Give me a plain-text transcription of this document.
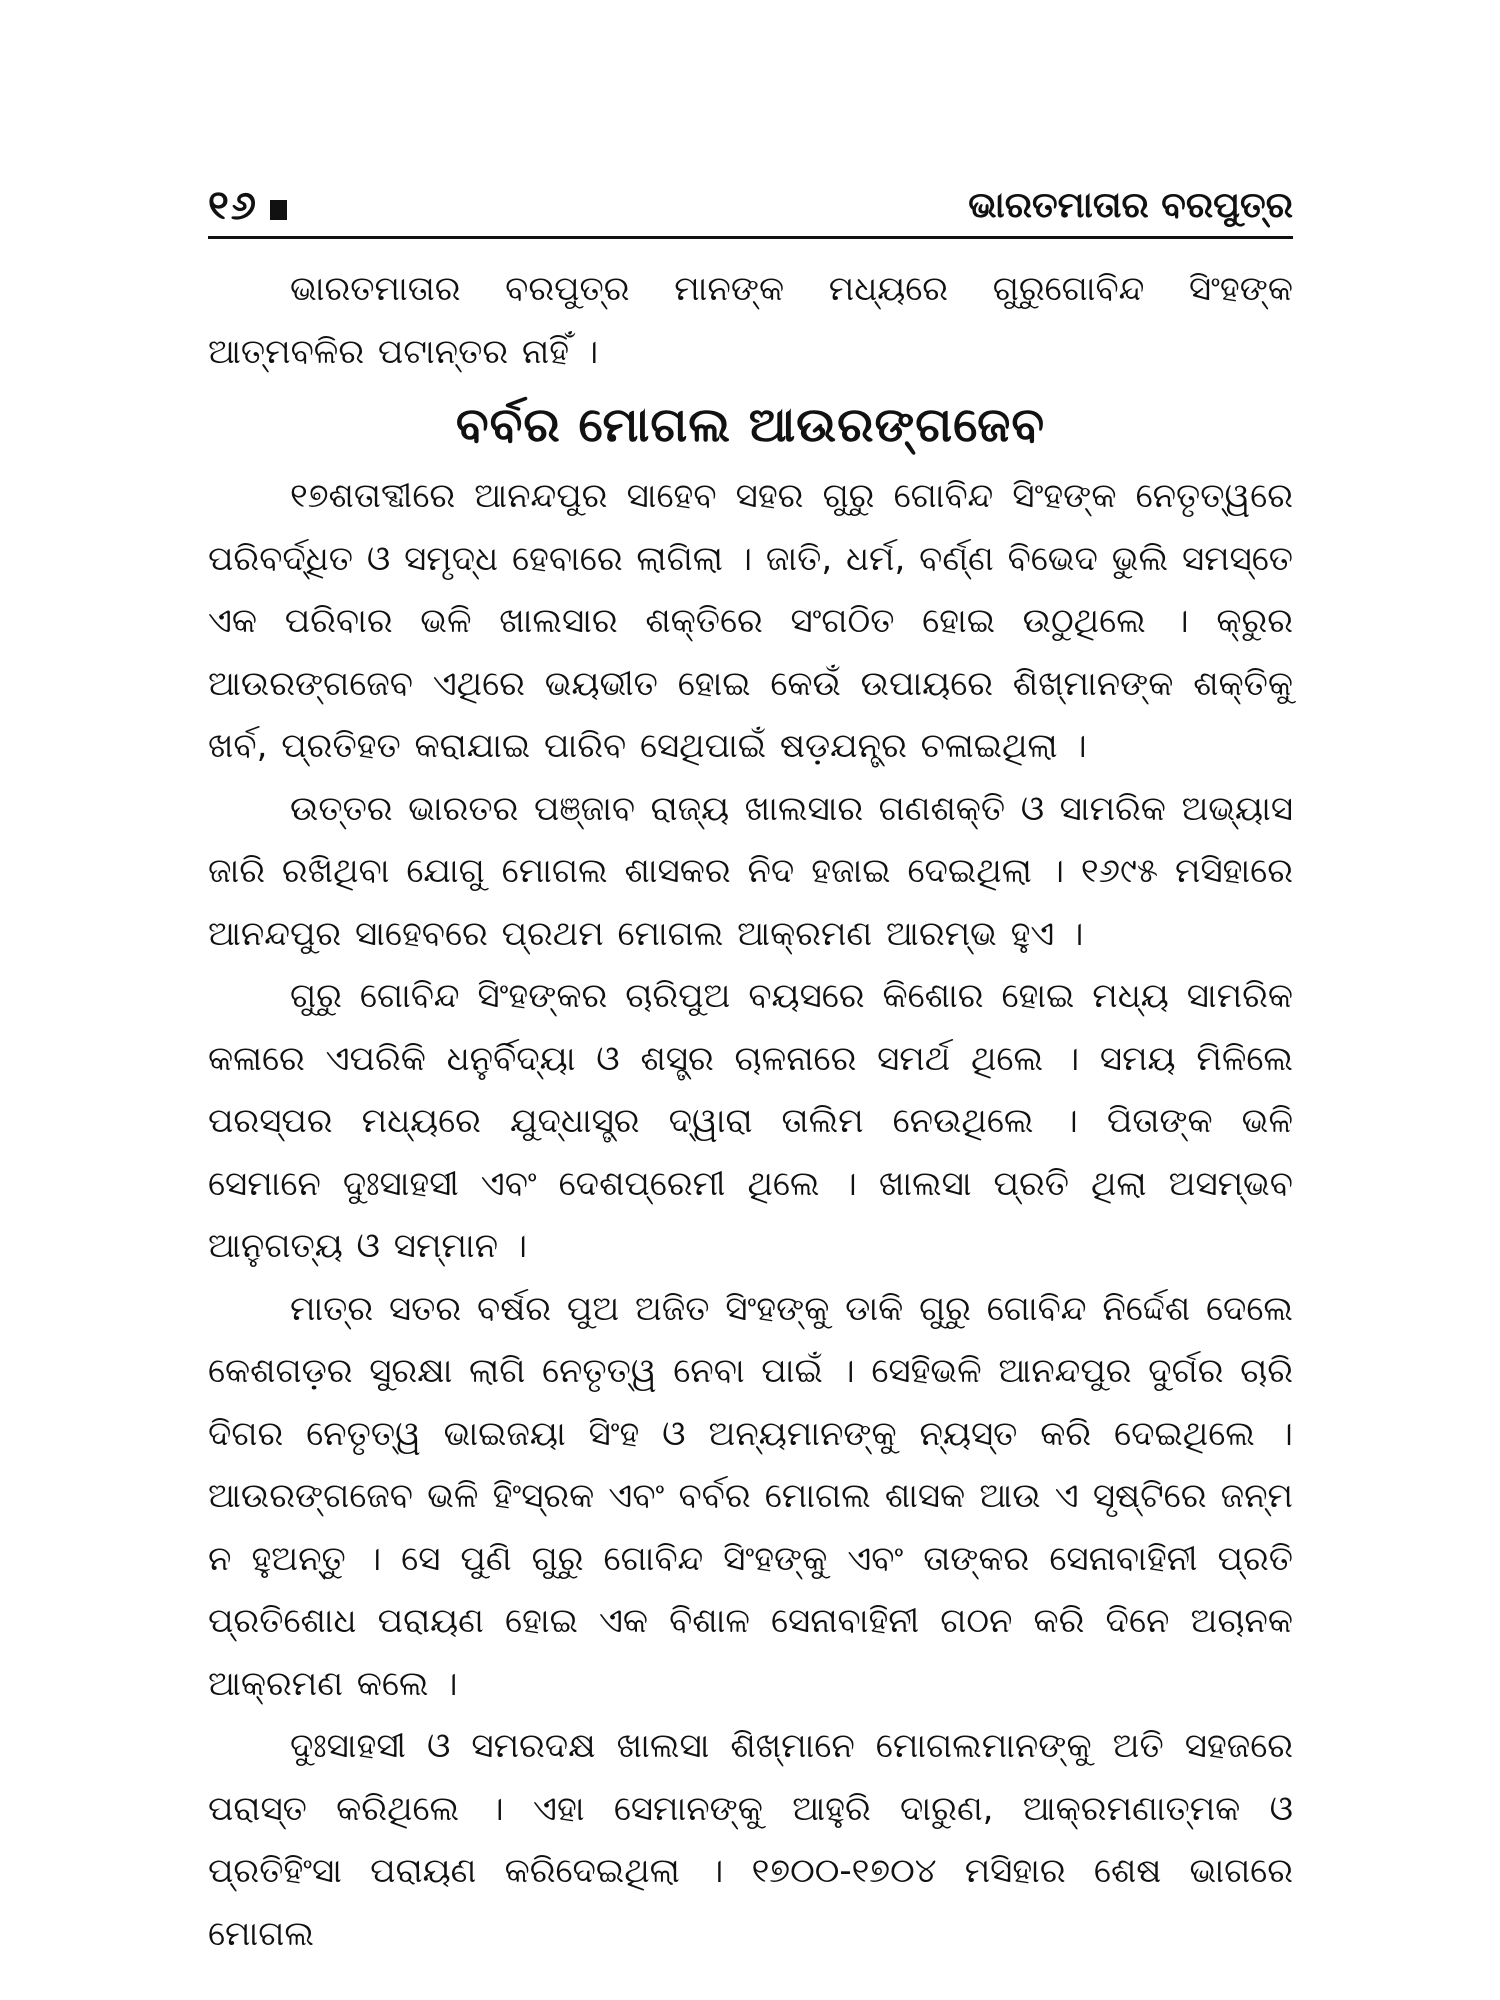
୧୬	ଭାରତମାତାର ବରପୁତ୍ର

ଭାରତମାତାର ବରପୁତ୍ର ମାନଙ୍କ ମଧ୍ୟରେ ଗୁରୁଗୋବିନ୍ଦ ସିଂହଙ୍କ ଆତ୍ମବଳିର ପଟାନ୍ତର ନାହିଁ ।

ବର୍ବର ମୋଗଲ ଆଉରଙ୍ଗଜେବ

୧୭ଶତାବ୍ଦୀରେ ଆନନ୍ଦପୁର ସାହେବ ସହର ଗୁରୁ ଗୋବିନ୍ଦ ସିଂହଙ୍କ ନେତୃତ୍ୱରେ ପରିବର୍ଦ୍ଧିତ ଓ ସମୃଦ୍ଧ ହେବାରେ ଲାଗିଲା । ଜାତି, ଧର୍ମ, ବର୍ଣ୍ଣ ବିଭେଦ ଭୁଲି ସମସ୍ତେ ଏକ ପରିବାର ଭଳି ଖାଲସାର ଶକ୍ତିରେ ସଂଗଠିତ ହୋଇ ଉଠୁଥିଲେ । କ୍ରୁର ଆଉରଙ୍ଗଜେବ ଏଥିରେ ଭୟଭୀତ ହୋଇ କେଉଁ ଉପାୟରେ ଶିଖ୍‌ମାନଙ୍କ ଶକ୍ତିକୁ ଖର୍ବ, ପ୍ରତିହତ କରାଯାଇ ପାରିବ ସେଥିପାଇଁ ଷଡ଼ଯନ୍ତ୍ର ଚଳାଇଥିଲା ।

ଉତ୍ତର ଭାରତର ପଞ୍ଜାବ ରାଜ୍ୟ ଖାଲସାର ଗଣଶକ୍ତି ଓ ସାମରିକ ଅଭ୍ୟାସ ଜାରି ରଖିଥିବା ଯୋଗୁ ମୋଗଲ ଶାସକର ନିଦ ହଜାଇ ଦେଇଥିଲା । ୧୬୯୫ ମସିହାରେ ଆନନ୍ଦପୁର ସାହେବରେ ପ୍ରଥମ ମୋଗଲ ଆକ୍ରମଣ ଆରମ୍ଭ ହୁଏ ।

ଗୁରୁ ଗୋବିନ୍ଦ ସିଂହଙ୍କର ଚାରିପୁଅ ବୟସରେ କିଶୋର ହୋଇ ମଧ୍ୟ ସାମରିକ କଳାରେ ଏପରିକି ଧନୁର୍ବିଦ୍ୟା ଓ ଶସ୍ତ୍ର ଚାଳନାରେ ସମର୍ଥ ଥିଲେ । ସମୟ ମିଳିଲେ ପରସ୍ପର ମଧ୍ୟରେ ଯୁଦ୍ଧାସ୍ତ୍ର ଦ୍ୱାରା ତାଲିମ ନେଉଥିଲେ । ପିତାଙ୍କ ଭଳି ସେମାନେ ଦୁଃସାହସୀ ଏବଂ ଦେଶପ୍ରେମୀ ଥିଲେ । ଖାଲସା ପ୍ରତି ଥିଲା ଅସମ୍ଭବ ଆନୁଗତ୍ୟ ଓ ସମ୍ମାନ ।

ମାତ୍ର ସତର ବର୍ଷର ପୁଅ ଅଜିତ ସିଂହଙ୍କୁ ଡାକି ଗୁରୁ ଗୋବିନ୍ଦ ନିର୍ଦ୍ଦେଶ ଦେଲେ କେଶଗଡ଼ର ସୁରକ୍ଷା ଲାଗି ନେତୃତ୍ୱ ନେବା ପାଇଁ । ସେହିଭଳି ଆନନ୍ଦପୁର ଦୁର୍ଗର ଚାରି ଦିଗର ନେତୃତ୍ୱ ଭାଇଜୟା ସିଂହ ଓ ଅନ୍ୟମାନଙ୍କୁ ନ୍ୟସ୍ତ କରି ଦେଇଥିଲେ । ଆଉରଙ୍ଗଜେବ ଭଳି ହିଂସ୍ରକ ଏବଂ ବର୍ବର ମୋଗଲ ଶାସକ ଆଉ ଏ ସୃଷ୍ଟିରେ ଜନ୍ମ ନ ହୁଅନ୍ତୁ । ସେ ପୁଣି ଗୁରୁ ଗୋବିନ୍ଦ ସିଂହଙ୍କୁ ଏବଂ ତାଙ୍କର ସେନାବାହିନୀ ପ୍ରତି ପ୍ରତିଶୋଧ ପରାୟଣ ହୋଇ ଏକ ବିଶାଳ ସେନାବାହିନୀ ଗଠନ କରି ଦିନେ ଅଚାନକ ଆକ୍ରମଣ କଲେ ।

ଦୁଃସାହସୀ ଓ ସମରଦକ୍ଷ ଖାଲସା ଶିଖ୍‌ମାନେ ମୋଗଲମାନଙ୍କୁ ଅତି ସହଜରେ ପରାସ୍ତ କରିଥିଲେ । ଏହା ସେମାନଙ୍କୁ ଆହୁରି ଦାରୁଣ, ଆକ୍ରମଣାତ୍ମକ ଓ ପ୍ରତିହିଂସା ପରାୟଣ କରିଦେଇଥିଲା । ୧୭୦୦-୧୭୦୪ ମସିହାର ଶେଷ ଭାଗରେ ମୋଗଲ
